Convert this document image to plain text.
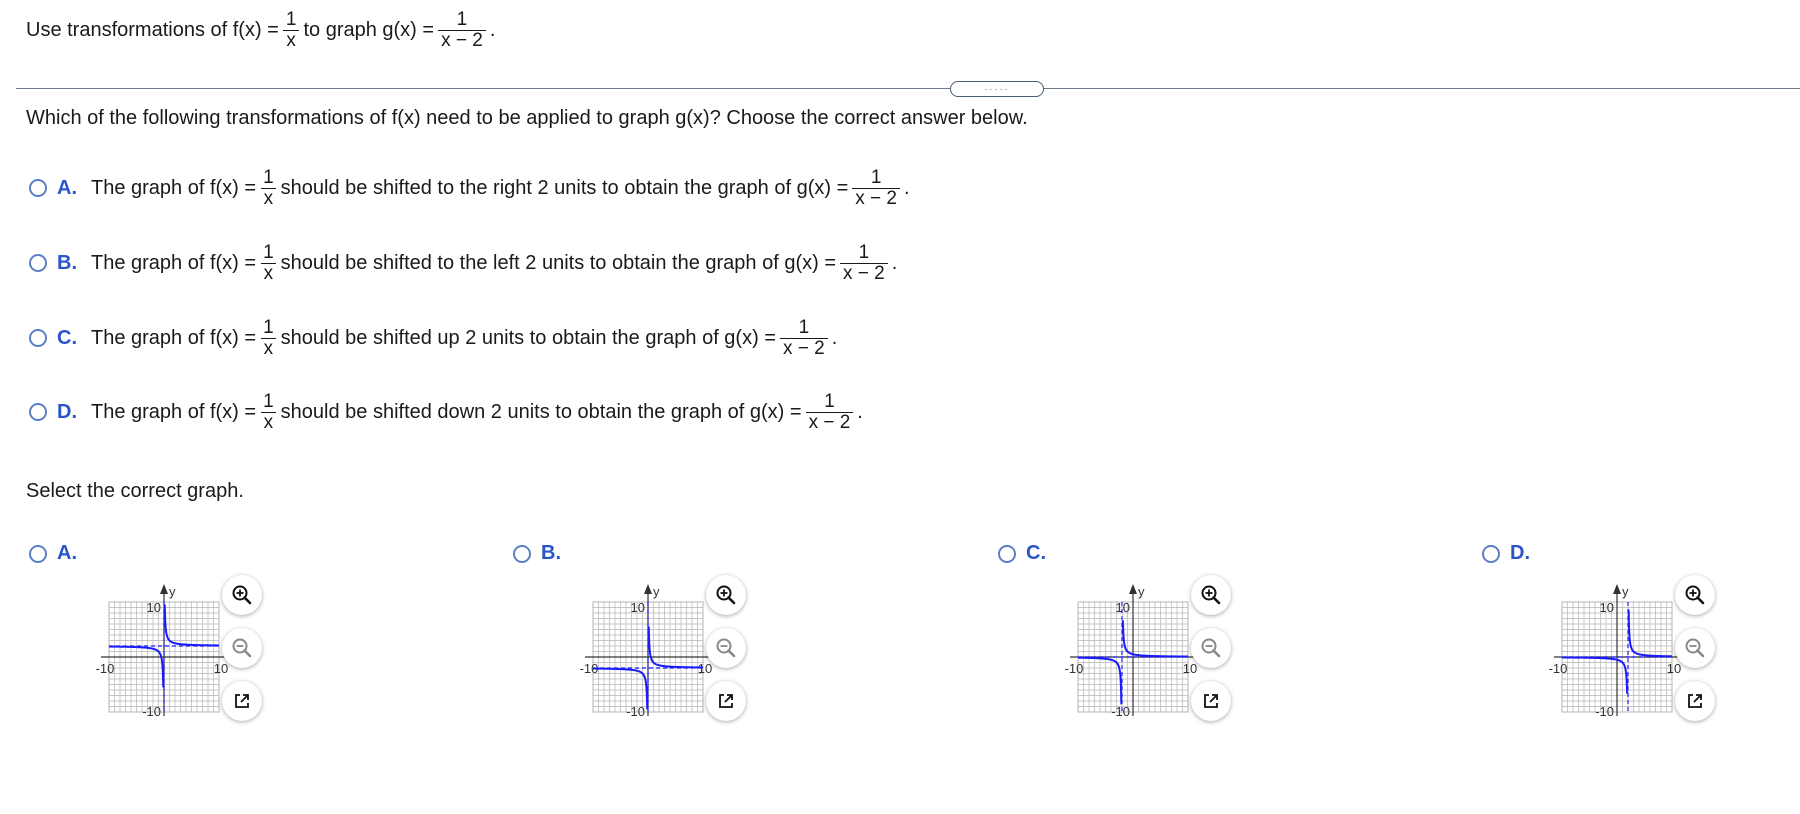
Use transformations of $f(x) = \frac{1}{x}$ to graph $g(x) = \frac{1}{x - 2}$ .
·····
Which of the following transformations of f(x) need to be applied to graph g(x)? Choose the correct answer below.
A. The graph of $f(x) = \frac{1}{x}$ should be shifted to the right 2 units to obtain the graph of $g(x) = \frac{1}{x - 2}$ .
B. The graph of $f(x) = \frac{1}{x}$ should be shifted to the left 2 units to obtain the graph of $g(x) = \frac{1}{x - 2}$ .
C. The graph of $f(x) = \frac{1}{x}$ should be shifted up 2 units to obtain the graph of $g(x) = \frac{1}{x - 2}$ .
D. The graph of $f(x) = \frac{1}{x}$ should be shifted down 2 units to obtain the graph of $g(x) = \frac{1}{x - 2}$ .
Select the correct graph.
A.
y
10
-10
-10	10
B.
y
10
-10
-10	10
C.
y
10
-10
-10	10
D.
y
10
-10
-10	10
